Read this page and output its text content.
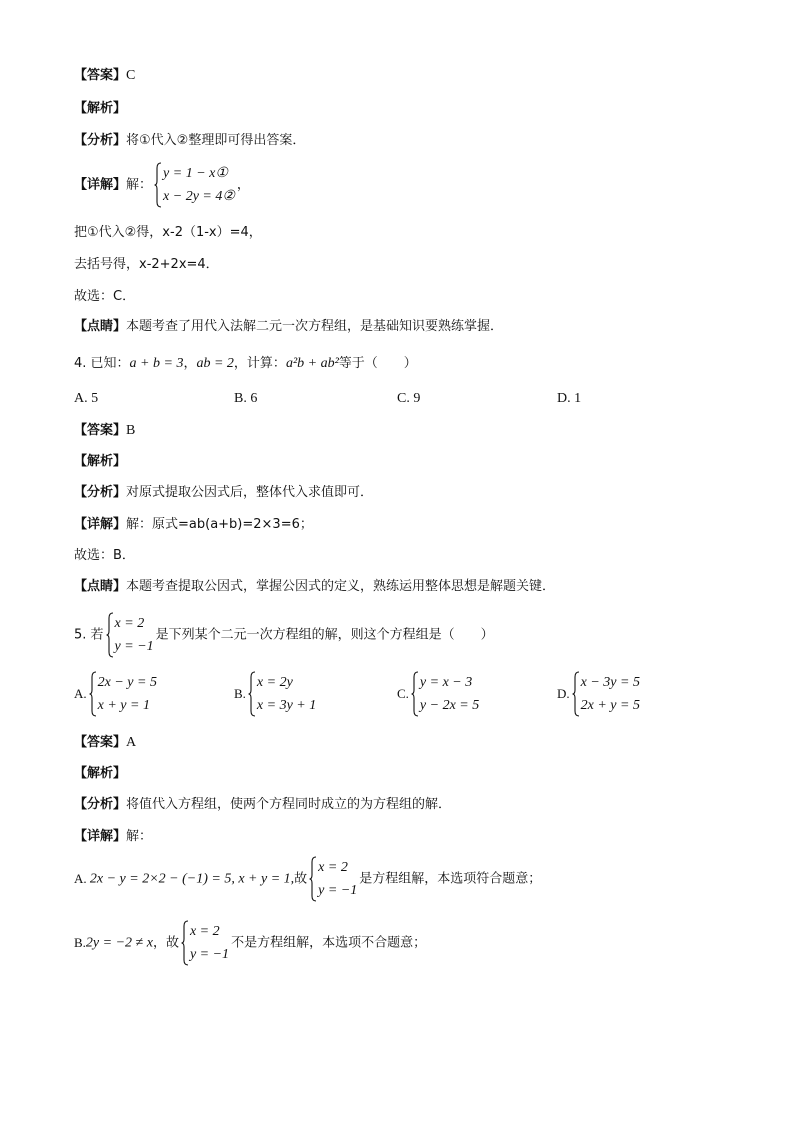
【答案】C
【解析】
【分析】将①代入②整理即可得出答案．
【详解】解：
y = 1 − x①
x − 2y = 4②
，
把①代入②得，x-2（1-x）=4，
去括号得，x-2+2x=4．
故选：C．
【点睛】本题考查了用代入法解二元一次方程组，是基础知识要熟练掌握．
4. 已知：a + b = 3，ab = 2，计算：a²b + ab²等于（　　）
A. 5	B. 6	C. 9	D. 1
【答案】B
【解析】
【分析】对原式提取公因式后，整体代入求值即可．
【详解】解：原式=ab(a+b)=2×3=6；
故选：B．
【点睛】本题考查提取公因式，掌握公因式的定义，熟练运用整体思想是解题关键．
5. 若
x = 2
y = −1
是下列某个二元一次方程组的解，则这个方程组是（　　）
A.
2x − y = 5
x + y = 1
B.
x = 2y
x = 3y + 1
C.
y = x − 3
y − 2x = 5
D.
x − 3y = 5
2x + y = 5
【答案】A
【解析】
【分析】将值代入方程组，使两个方程同时成立的为方程组的解．
【详解】解：
A. 2x − y = 2×2 − (−1) = 5, x + y = 1,故
x = 2
y = −1
是方程组解，本选项符合题意；
B.2y = −2 ≠ x，故
x = 2
y = −1
不是方程组解，本选项不合题意；
